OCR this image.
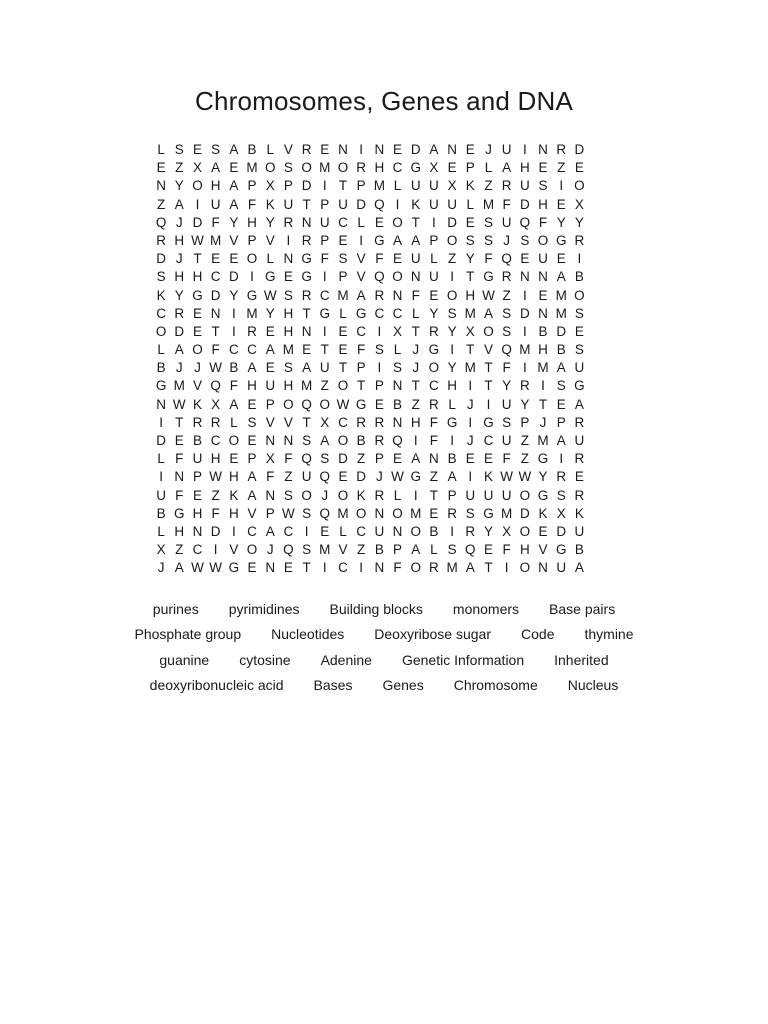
Chromosomes, Genes and DNA
L S E S A B L V R E N I N E D A N E J U I N R D
E Z X A E M O S O M O R H C G X E P L A H E Z E
N Y O H A P X P D I T P M L U U X K Z R U S I O
Z A I U A F K U T P U D Q I K U U L M F D H E X
Q J D F Y H Y R N U C L E O T I D E S U Q F Y Y
R H W M V P V I R P E I G A A P O S S J S O G R
D J T E E O L N G F S V F E U L Z Y F Q E U E I
S H H C D I G E G I P V Q O N U I T G R N N A B
K Y G D Y G W S R C M A R N F E O H W Z I E M O
C R E N I M Y H T G L G C C L Y S M A S D N M S
O D E T I R E H N I E C I X T R Y X O S I B D E
L A O F C C A M E T E F S L J G I T V Q M H B S
B J J W B A E S A U T P I S J O Y M T F I M A U
G M V Q F H U H M Z O T P N T C H I T Y R I S G
N W K X A E P O Q O W G E B Z R L J I U Y T E A
I T R R L S V V T X C R R N H F G I G S P J P R
D E B C O E N N S A O B R Q I F I J C U Z M A U
L F U H E P X F Q S D Z P E A N B E E F Z G I R
I N P W H A F Z U Q E D J W G Z A I K W W Y R E
U F E Z K A N S O J O K R L I T P U U U O G S R
B G H F H V P W S Q M O N O M E R S G M D K X K
L H N D I C A C I E L C U N O B I R Y X O E D U
X Z C I V O J Q S M V Z B P A L S Q E F H V G B
J A W W G E N E T I C I N F O R M A T I O N U A
purines pyrimidines Building blocks monomers Base pairs
Phosphate group Nucleotides Deoxyribose sugar Code thymine
guanine cytosine Adenine Genetic Information Inherited
deoxyribonucleic acid Bases Genes Chromosome Nucleus
